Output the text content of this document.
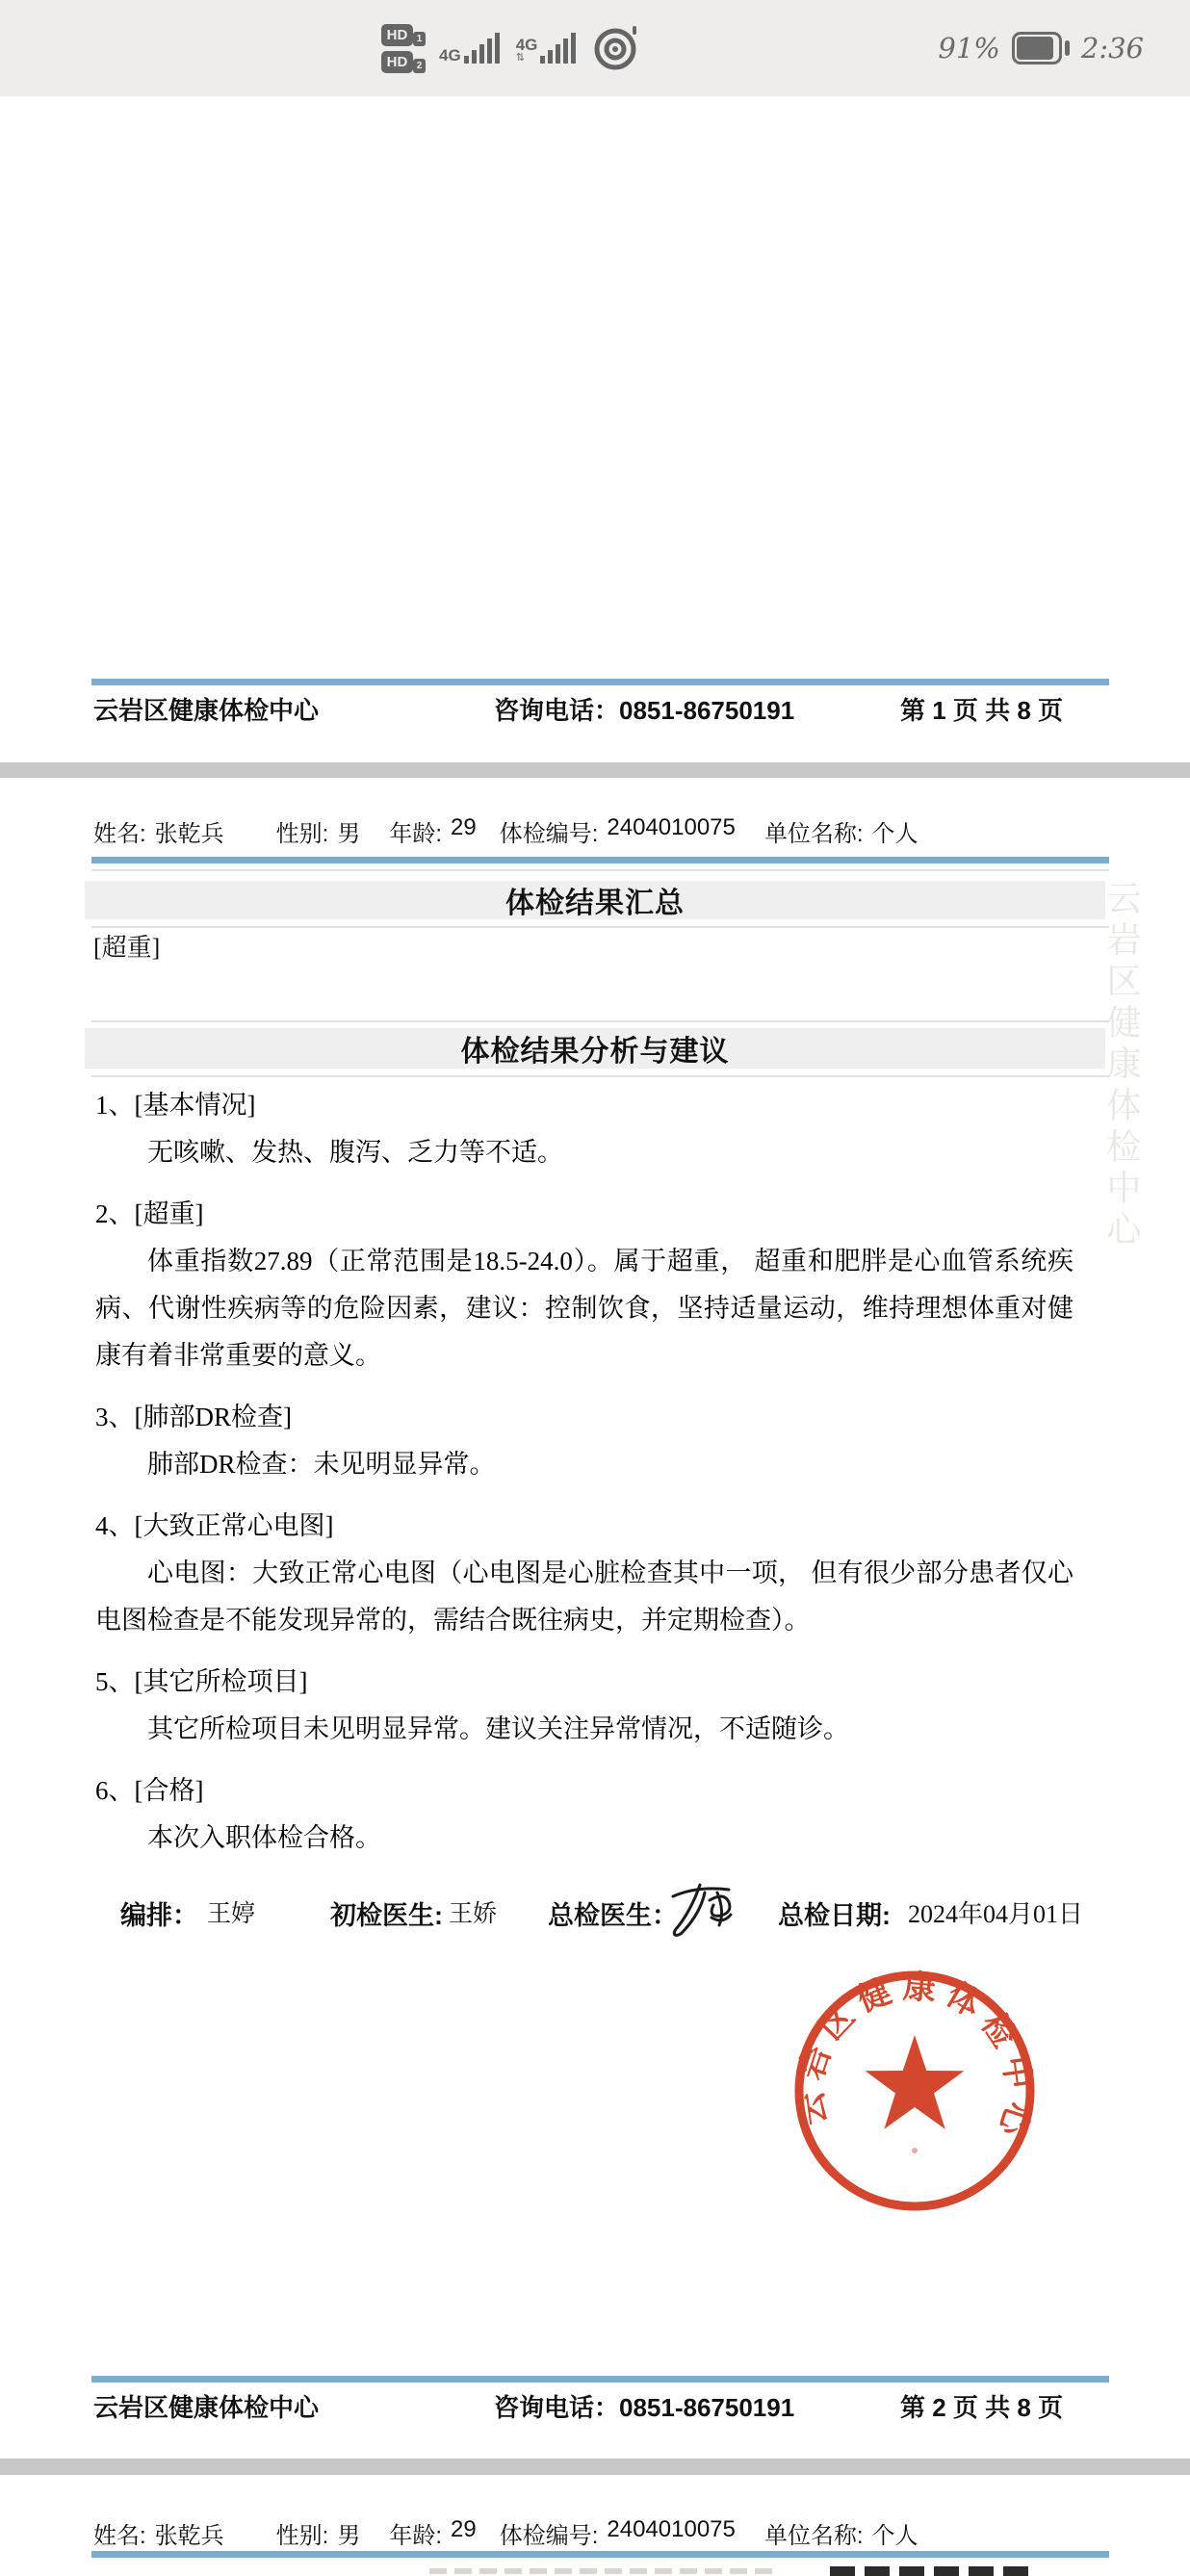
HD 1
HD 2
4G
4G
⇅	91%	2:36
云岩区健康体检中心	咨询电话：0851-86750191	第 1 页 共 8 页
姓名: 张乾兵 性别: 男 年龄: 29 体检编号: 2404010075 单位名称: 个人
体检结果汇总
[超重]
体检结果分析与建议
1、[基本情况]

无咳嗽、发热、腹泻、乏力等不适。

2、[超重]

体重指数27.89（正常范围是18.5-24.0）。属于超重， 超重和肥胖是心血管系统疾病、代谢性疾病等的危险因素，建议：控制饮食，坚持适量运动，维持理想体重对健康有着非常重要的意义。

3、[肺部DR检查]

肺部DR检查：未见明显异常。

4、[大致正常心电图]

心电图：大致正常心电图（心电图是心脏检查其中一项， 但有很少部分患者仅心电图检查是不能发现异常的，需结合既往病史，并定期检查）。

5、[其它所检项目]

其它所检项目未见明显异常。建议关注异常情况，不适随诊。

6、[合格]

本次入职体检合格。

编排： 王婷	初检医生: 王娇 总检医生：	总检日期: 2024年04月01日
云岩区健康体检中心
云岩区健康体检中心	咨询电话：0851-86750191	第 2 页 共 8 页
姓名: 张乾兵 性别: 男 年龄: 29 体检编号: 2404010075 单位名称: 个人
云岩区健康体检中心
